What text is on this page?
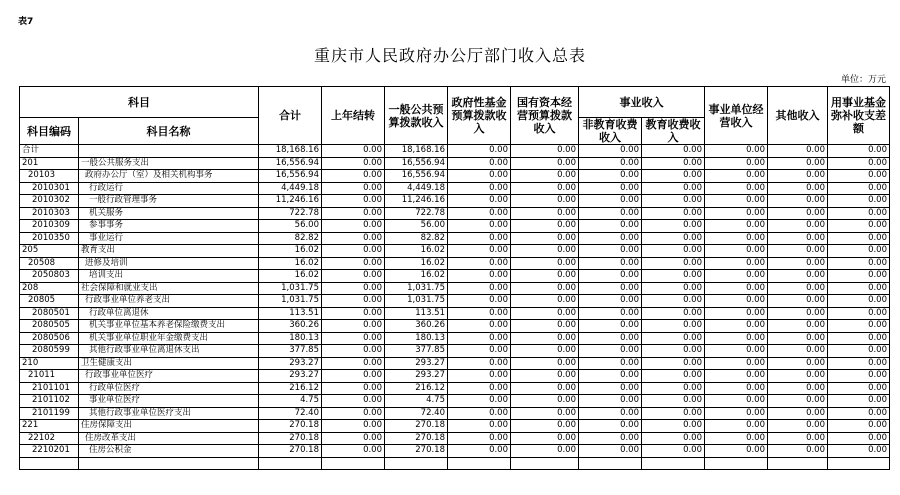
表7
重庆市人民政府办公厅部门收入总表
单位：万元
科目		合计	上年结转	一般公共预算拨款收入	政府性基金预算拨款收入	国有资本经营预算拨款收入	事业收入		事业单位经营收入	其他收入	用事业基金弥补收支差额
科目编码	科目名称						非教育收费收入	教育收费收入			
合计		18,168.16	0.00	18,168.16	0.00	0.00	0.00	0.00	0.00	0.00	0.00
201	一般公共服务支出	16,556.94	0.00	16,556.94	0.00	0.00	0.00	0.00	0.00	0.00	0.00
20103	政府办公厅（室）及相关机构事务	16,556.94	0.00	16,556.94	0.00	0.00	0.00	0.00	0.00	0.00	0.00
2010301	行政运行	4,449.18	0.00	4,449.18	0.00	0.00	0.00	0.00	0.00	0.00	0.00
2010302	一般行政管理事务	11,246.16	0.00	11,246.16	0.00	0.00	0.00	0.00	0.00	0.00	0.00
2010303	机关服务	722.78	0.00	722.78	0.00	0.00	0.00	0.00	0.00	0.00	0.00
2010309	参事事务	56.00	0.00	56.00	0.00	0.00	0.00	0.00	0.00	0.00	0.00
2010350	事业运行	82.82	0.00	82.82	0.00	0.00	0.00	0.00	0.00	0.00	0.00
205	教育支出	16.02	0.00	16.02	0.00	0.00	0.00	0.00	0.00	0.00	0.00
20508	进修及培训	16.02	0.00	16.02	0.00	0.00	0.00	0.00	0.00	0.00	0.00
2050803	培训支出	16.02	0.00	16.02	0.00	0.00	0.00	0.00	0.00	0.00	0.00
208	社会保障和就业支出	1,031.75	0.00	1,031.75	0.00	0.00	0.00	0.00	0.00	0.00	0.00
20805	行政事业单位养老支出	1,031.75	0.00	1,031.75	0.00	0.00	0.00	0.00	0.00	0.00	0.00
2080501	行政单位离退休	113.51	0.00	113.51	0.00	0.00	0.00	0.00	0.00	0.00	0.00
2080505	机关事业单位基本养老保险缴费支出	360.26	0.00	360.26	0.00	0.00	0.00	0.00	0.00	0.00	0.00
2080506	机关事业单位职业年金缴费支出	180.13	0.00	180.13	0.00	0.00	0.00	0.00	0.00	0.00	0.00
2080599	其他行政事业单位离退休支出	377.85	0.00	377.85	0.00	0.00	0.00	0.00	0.00	0.00	0.00
210	卫生健康支出	293.27	0.00	293.27	0.00	0.00	0.00	0.00	0.00	0.00	0.00
21011	行政事业单位医疗	293.27	0.00	293.27	0.00	0.00	0.00	0.00	0.00	0.00	0.00
2101101	行政单位医疗	216.12	0.00	216.12	0.00	0.00	0.00	0.00	0.00	0.00	0.00
2101102	事业单位医疗	4.75	0.00	4.75	0.00	0.00	0.00	0.00	0.00	0.00	0.00
2101199	其他行政事业单位医疗支出	72.40	0.00	72.40	0.00	0.00	0.00	0.00	0.00	0.00	0.00
221	住房保障支出	270.18	0.00	270.18	0.00	0.00	0.00	0.00	0.00	0.00	0.00
22102	住房改革支出	270.18	0.00	270.18	0.00	0.00	0.00	0.00	0.00	0.00	0.00
2210201	住房公积金	270.18	0.00	270.18	0.00	0.00	0.00	0.00	0.00	0.00	0.00
